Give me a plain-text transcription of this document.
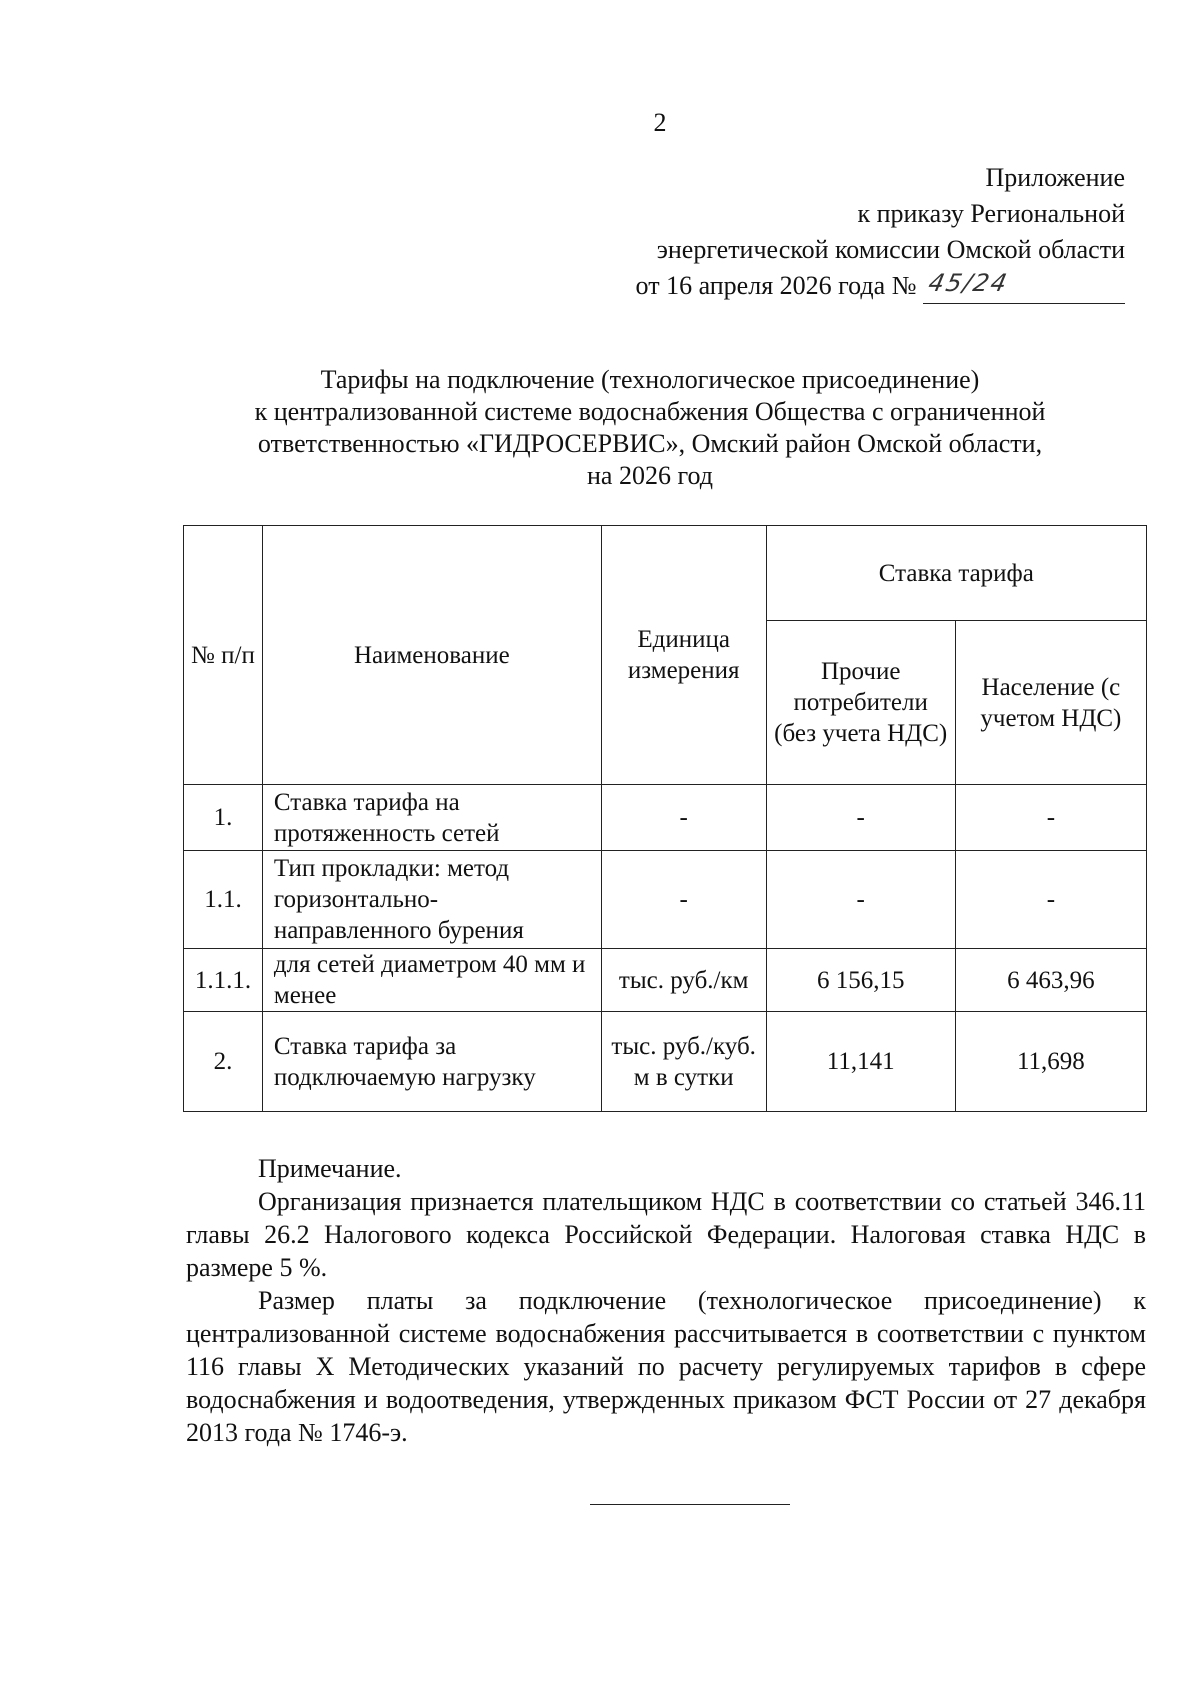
2
Приложение
к приказу Региональной
энергетической комиссии Омской области
от 16 апреля 2026 года № 45/24
Тарифы на подключение (технологическое присоединение)
к централизованной системе водоснабжения Общества с ограниченной
ответственностью «ГИДРОСЕРВИС», Омский район Омской области,
на 2026 год
№ п/п	Наименование	Единица измерения	Ставка тарифа	
			Прочие потребители (без учета НДС)	Население (с учетом НДС)
1.	Ставка тарифа на протяженность сетей	-	-	-
1.1.	Тип прокладки: метод горизонтально-направленного бурения	-	-	-
1.1.1.	для сетей диаметром 40 мм и менее	тыс. руб./км	6 156,15	6 463,96
2.	Ставка тарифа за подключаемую нагрузку	тыс. руб./куб. м в сутки	11,141	11,698

Примечание.

Организация признается плательщиком НДС в соответствии со статьей 346.11 главы 26.2 Налогового кодекса Российской Федерации. Налоговая ставка НДС в размере 5 %.

Размер платы за подключение (технологическое присоединение) к централизованной системе водоснабжения рассчитывается в соответствии с пунктом 116 главы X Методических указаний по расчету регулируемых тарифов в сфере водоснабжения и водоотведения, утвержденных приказом ФСТ России от 27 декабря 2013 года № 1746-э.
